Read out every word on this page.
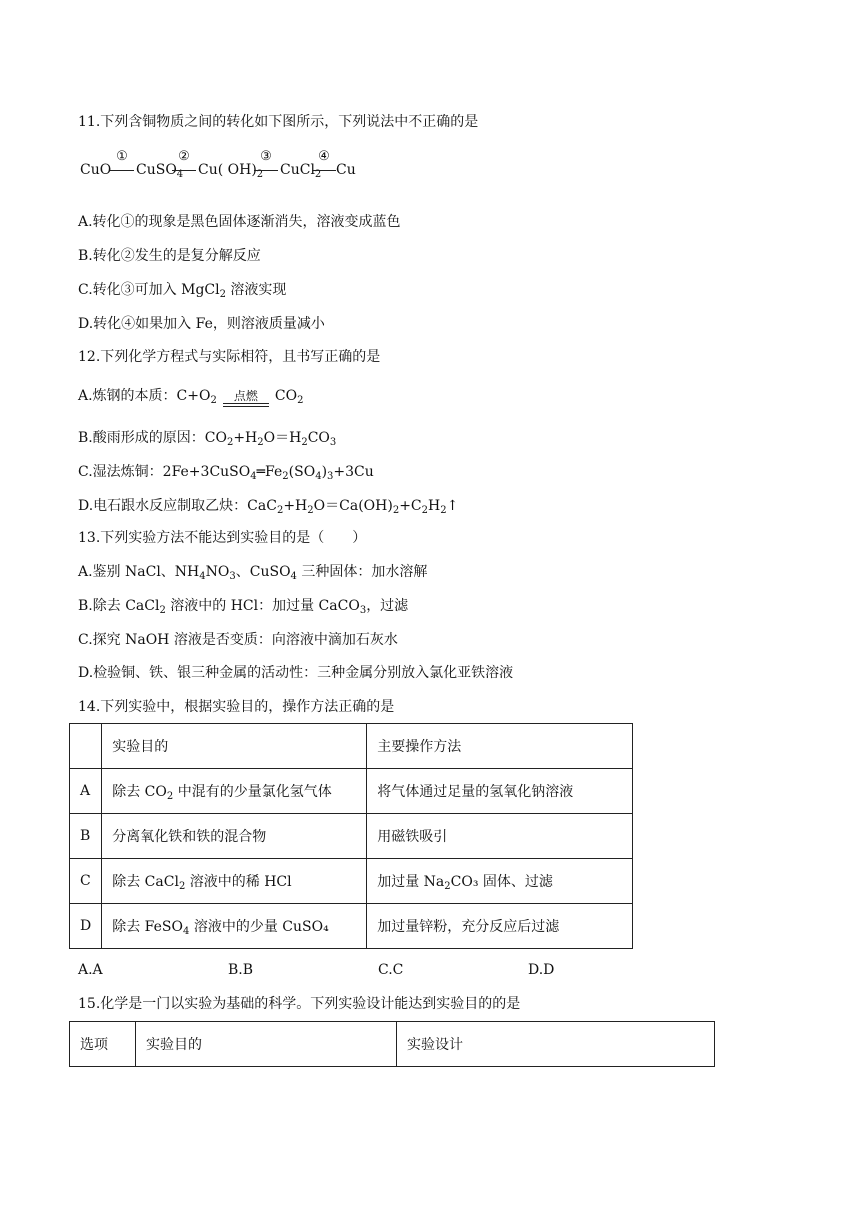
11.下列含铜物质之间的转化如下图所示，下列说法中不正确的是
CuO
①
CuSO$_4$
②
Cu( $OH)_2$
③
CuCl$_2$
④
Cu
A.转化①的现象是黑色固体逐渐消失，溶液变成蓝色
B.转化②发生的是复分解反应
C.转化③可加入 MgCl$_2$ 溶液实现
D.转化④如果加入 Fe，则溶液质量减小
12.下列化学方程式与实际相符，且书写正确的是
A.炼钢的本质：$C+O_2$	点燃	$CO_2$
B.酸雨形成的原因：$CO_2+H_2O=H_2CO_3$
C.湿法炼铜：$2Fe+3CuSO_4═Fe_2(SO_4)_3+3Cu$
D.电石跟水反应制取乙炔：$CaC_2+H_2O=Ca(OH)_2+C_2H_2↑$
13.下列实验方法不能达到实验目的是（　　）
A.鉴别 NaCl、$NH_4NO_3$、CuSO$_4$ 三种固体：加水溶解
B.除去 CaCl$_2$ 溶液中的 HCl：加过量 CaCO$_3$，过滤
C.探究 NaOH 溶液是否变质：向溶液中滴加石灰水
D.检验铜、铁、银三种金属的活动性：三种金属分别放入氯化亚铁溶液
14.下列实验中，根据实验目的，操作方法正确的是
	实验目的	主要操作方法
A	除去 $CO_2$ 中混有的少量氯化氢气体	将气体通过足量的氢氧化钠溶液
B	分离氧化铁和铁的混合物	用磁铁吸引
C	除去 CaCl$_2$ 溶液中的稀 HCl	加过量 $Na_2CO_3$ 固体、过滤
D	除去 FeSO$_4$ 溶液中的少量 CuSO₄	加过量锌粉，充分反应后过滤
A.A	B.B	C.C	D.D
15.化学是一门以实验为基础的科学。下列实验设计能达到实验目的的是
选项	实验目的	实验设计
